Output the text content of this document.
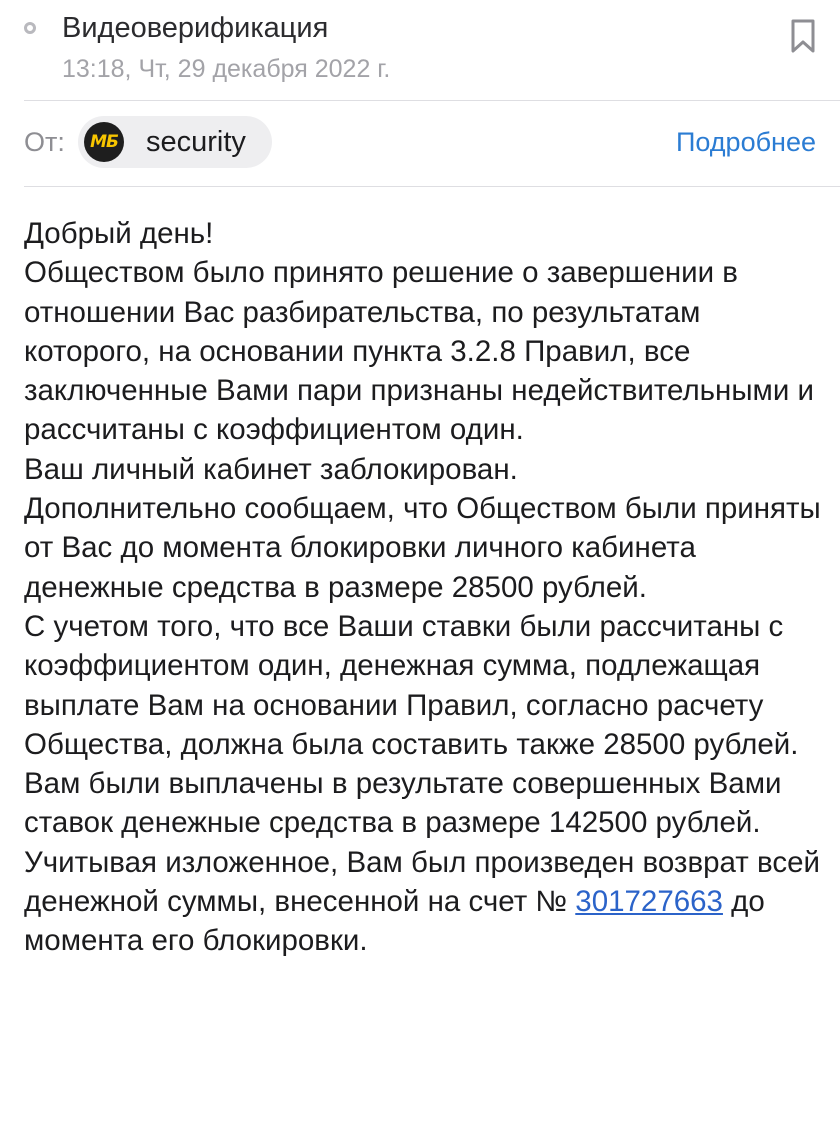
Видеоверификация
13:18, Чт, 29 декабря 2022 г.
От: МБ security	Подробнее

Добрый день!

Обществом было принято решение о завершении в отношении Вас разбирательства, по результатам которого, на основании пункта 3.2.8 Правил, все заключенные Вами пари признаны недействительными и рассчитаны с коэффициентом один.

Ваш личный кабинет заблокирован.

Дополнительно сообщаем, что Обществом были приняты от Вас до момента блокировки личного кабинета денежные средства в размере 28500 рублей.

С учетом того, что все Ваши ставки были рассчитаны с коэффициентом один, денежная сумма, подлежащая выплате Вам на основании Правил, согласно расчету Общества, должна была составить также 28500 рублей.

Вам были выплачены в результате совершенных Вами ставок денежные средства в размере 142500 рублей.

Учитывая изложенное, Вам был произведен возврат всей денежной суммы, внесенной на счет № 301727663 до момента его блокировки.
